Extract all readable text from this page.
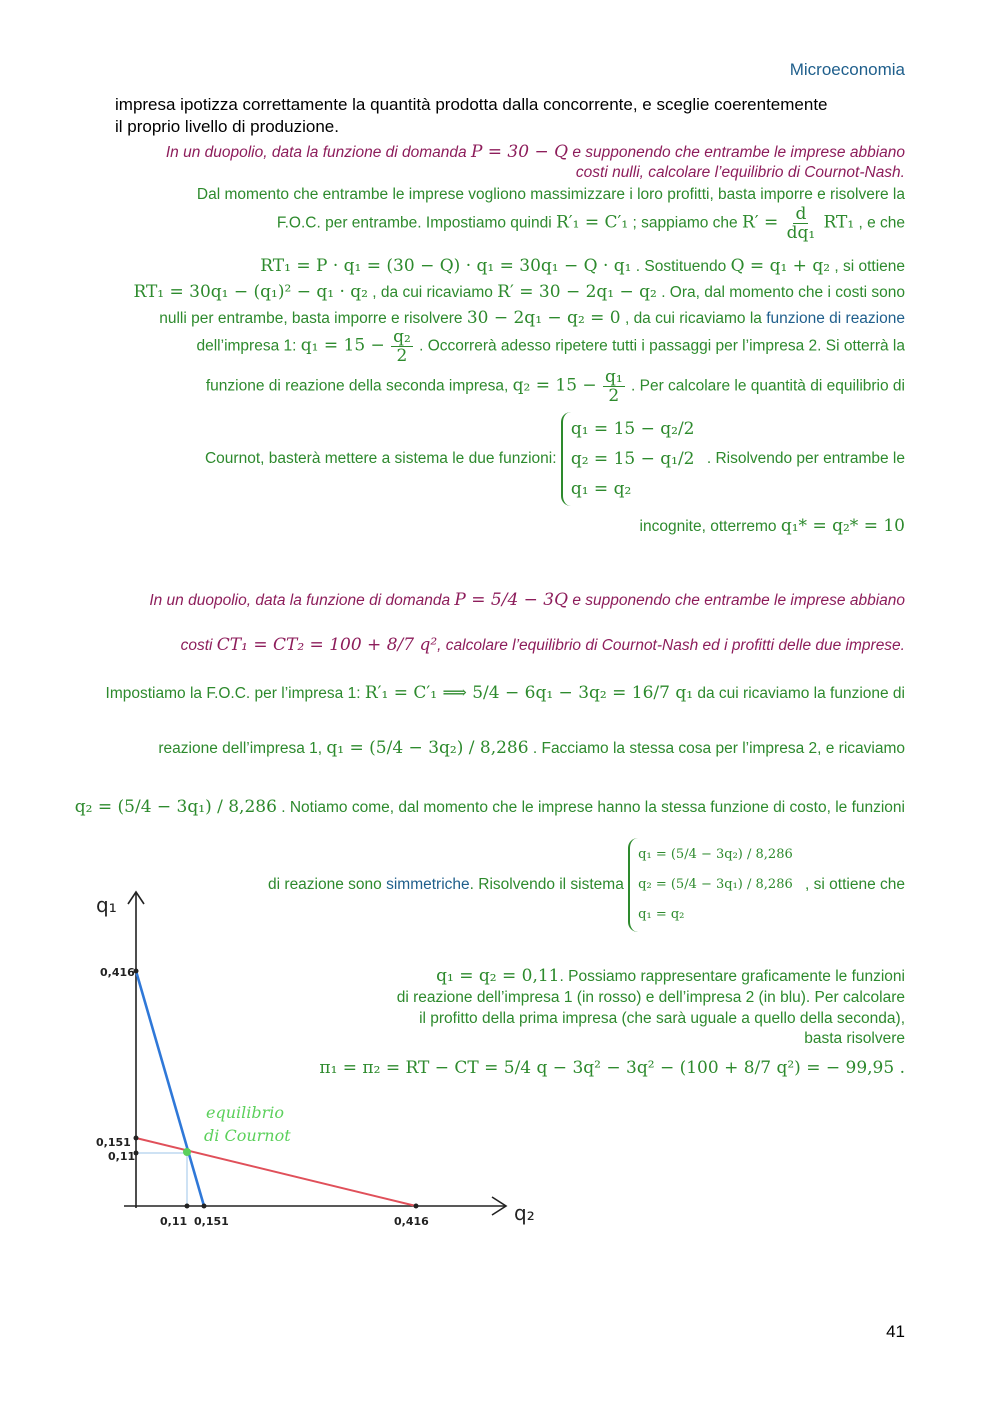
Microeconomia
impresa ipotizza correttamente la quantità prodotta dalla concorrente, e sceglie coerentemente
il proprio livello di produzione.
In un duopolio, data la funzione di domanda P = 30 − Q e supponendo che entrambe le imprese abbiano
costi nulli, calcolare l’equilibrio di Cournot-Nash.
Dal momento che entrambe le imprese vogliono massimizzare i loro profitti, basta imporre e risolvere la
F.O.C. per entrambe. Impostiamo quindi R′₁ = C′₁ ; sappiamo che $R' = \frac{d}{\text{dq₁}} RT_1$ , e che
RT₁ = P · q₁ = (30 − Q) · q₁ = 30q₁ − Q · q₁ . Sostituendo Q = q₁ + q₂ , si ottiene
RT₁ = 30q₁ − (q₁)² − q₁ · q₂ , da cui ricaviamo R′ = 30 − 2q₁ − q₂ . Ora, dal momento che i costi sono
nulli per entrambe, basta imporre e risolvere 30 − 2q₁ − q₂ = 0 , da cui ricaviamo la funzione di reazione
dell’impresa 1: $q_1 = 15 - \frac{\text{q₂}}{2}$ . Occorrerà adesso ripetere tutti i passaggi per l’impresa 2. Si otterrà la
funzione di reazione della seconda impresa, $q_2 = 15 - \frac{\text{q₁}}{2}$ . Per calcolare le quantità di equilibrio di
Cournot, basterà mettere a sistema le due funzioni:
q₁ = 15 − q₂/2
q₂ = 15 − q₁/2
q₁ = q₂
. Risolvendo per entrambe le
incognite, otterremo q₁* = q₂* = 10
In un duopolio, data la funzione di domanda P = 5/4 − 3Q e supponendo che entrambe le imprese abbiano
costi CT₁ = CT₂ = 100 + 8/7 q², calcolare l’equilibrio di Cournot-Nash ed i profitti delle due imprese.
Impostiamo la F.O.C. per l’impresa 1: R′₁ = C′₁ ⟹ 5/4 − 6q₁ − 3q₂ = 16/7 q₁ da cui ricaviamo la funzione di
reazione dell’impresa 1, q₁ = (5/4 − 3q₂) / 8,286 . Facciamo la stessa cosa per l’impresa 2, e ricaviamo
q₂ = (5/4 − 3q₁) / 8,286 . Notiamo come, dal momento che le imprese hanno la stessa funzione di costo, le funzioni
di reazione sono simmetriche. Risolvendo il sistema
q₁ = (5/4 − 3q₂) / 8,286
q₂ = (5/4 − 3q₁) / 8,286
q₁ = q₂
, si ottiene che
q₁ = q₂ = 0,11. Possiamo rappresentare graficamente le funzioni
di reazione dell’impresa 1 (in rosso) e dell’impresa 2 (in blu). Per calcolare
il profitto della prima impresa (che sarà uguale a quello della seconda),
basta risolvere
π₁ = π₂ = RT − CT = 5/4 q − 3q² − 3q² − (100 + 8/7 q²) = − 99,95 .
q₁
q₂
0,416
0,151
0,11
0,11 0,151	0,416
equilibrio
di Cournot
41
